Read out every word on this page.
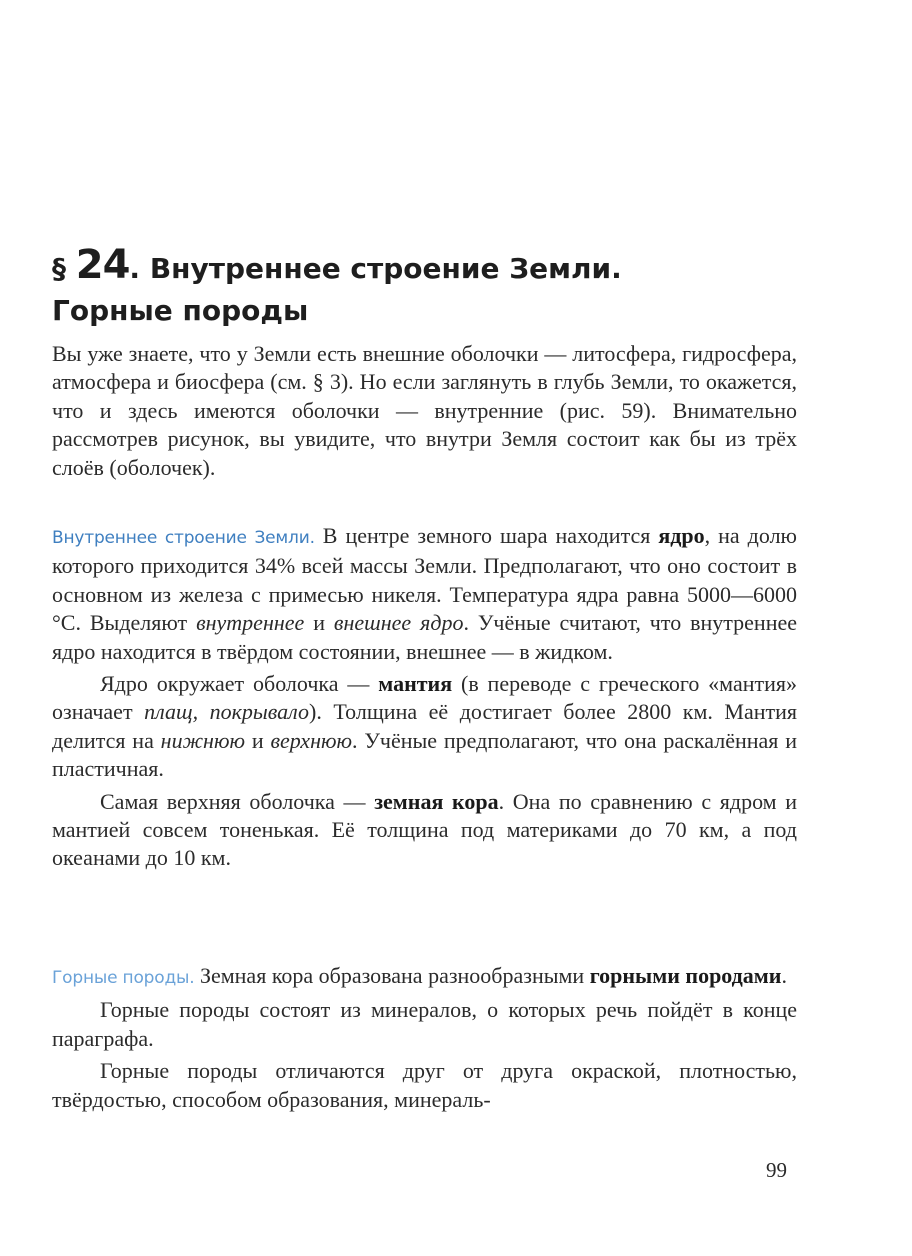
§ 24. Внутреннее строение Земли.
Горные породы

Вы уже знаете, что у Земли есть внешние оболочки — литосфера, гидросфера, атмосфера и биосфера (см. § 3). Но если заглянуть в глубь Земли, то окажется, что и здесь имеются оболочки — внутренние (рис. 59). Внимательно рассмотрев рисунок, вы увидите, что внутри Земля состоит как бы из трёх слоёв (оболочек).

Внутреннее строение Земли. В центре земного шара находится ядро, на долю которого приходится 34% всей массы Земли. Предполагают, что оно состоит в основном из железа с примесью никеля. Температура ядра равна 5000—6000 °С. Выделяют внутреннее и внешнее ядро. Учёные считают, что внутреннее ядро находится в твёрдом состоянии, внешнее — в жидком.

Ядро окружает оболочка — мантия (в переводе с греческого «мантия» означает плащ, покрывало). Толщина её достигает более 2800 км. Мантия делится на нижнюю и верхнюю. Учёные предполагают, что она раскалённая и пластичная.

Самая верхняя оболочка — земная кора. Она по сравнению с ядром и мантией совсем тоненькая. Её толщина под материками до 70 км, а под океанами до 10 км.

Горные породы. Земная кора образована разнообразными горными породами.

Горные породы состоят из минералов, о которых речь пойдёт в конце параграфа.

Горные породы отличаются друг от друга окраской, плотностью, твёрдостью, способом образования, минераль-

99
